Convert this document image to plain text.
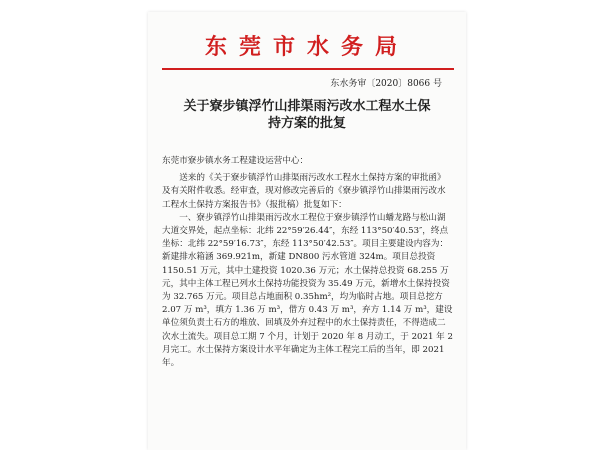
东莞市水务局
东水务审〔2020〕8066 号
关于寮步镇浮竹山排渠雨污改水工程水土保
持方案的批复

东莞市寮步镇水务工程建设运营中心：

送来的《关于寮步镇浮竹山排渠雨污改水工程水土保持方案的审批函》及有关附件收悉。经审查，现对修改完善后的《寮步镇浮竹山排渠雨污改水工程水土保持方案报告书》（报批稿）批复如下：

一、寮步镇浮竹山排渠雨污改水工程位于寮步镇浮竹山蟠龙路与松山湖大道交界处，起点坐标：北纬 22°59′26.44″，东经 113°50′40.53″，终点坐标：北纬 22°59′16.73″，东经 113°50′42.53″。项目主要建设内容为：新建排水箱涵 369.921m，新建 DN800 污水管道 324m。项目总投资 1150.51 万元，其中土建投资 1020.36 万元；水土保持总投资 68.255 万元，其中主体工程已列水土保持功能投资为 35.49 万元，新增水土保持投资为 32.765 万元。项目总占地面积 0.35hm²，均为临时占地。项目总挖方 2.07 万 m³，填方 1.36 万 m³，借方 0.43 万 m³，弃方 1.14 万 m³，建设单位须负责土石方的堆放、回填及外弃过程中的水土保持责任，不得造成二次水土流失。项目总工期 7 个月，计划于 2020 年 8 月动工，于 2021 年 2 月完工。水土保持方案设计水平年确定为主体工程完工后的当年，即 2021 年。
